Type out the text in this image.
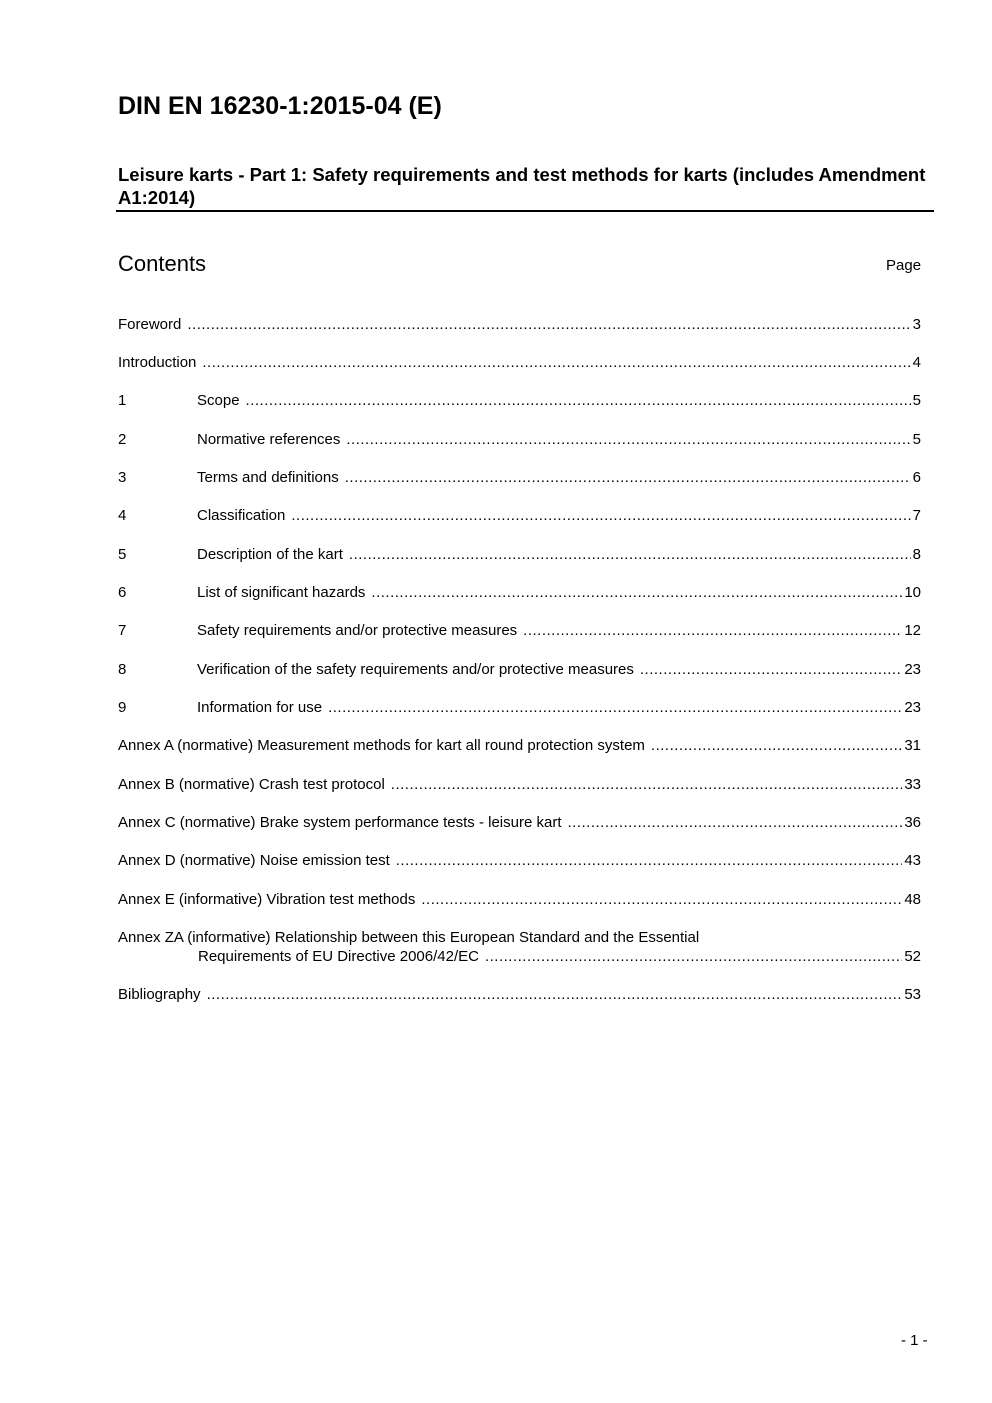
DIN EN 16230-1:2015-04 (E)
Leisure karts - Part 1: Safety requirements and test methods for karts (includes Amendment A1:2014)
Contents	Page
Foreword .....	3
Introduction .....	4
1	Scope .....	5
2	Normative references .....	5
3	Terms and definitions .....	6
4	Classification .....	7
5	Description of the kart .....	8
6	List of significant hazards .....	10
7	Safety requirements and/or protective measures .....	12
8	Verification of the safety requirements and/or protective measures .....	23
9	Information for use .....	23
Annex A (normative) Measurement methods for kart all round protection system .....	31
Annex B (normative) Crash test protocol .....	33
Annex C (normative) Brake system performance tests - leisure kart .....	36
Annex D (normative) Noise emission test .....	43
Annex E (informative) Vibration test methods .....	48
Annex ZA (informative) Relationship between this European Standard and the Essential
Requirements of EU Directive 2006/42/EC .....	52
Bibliography .....	53
- 1 -
